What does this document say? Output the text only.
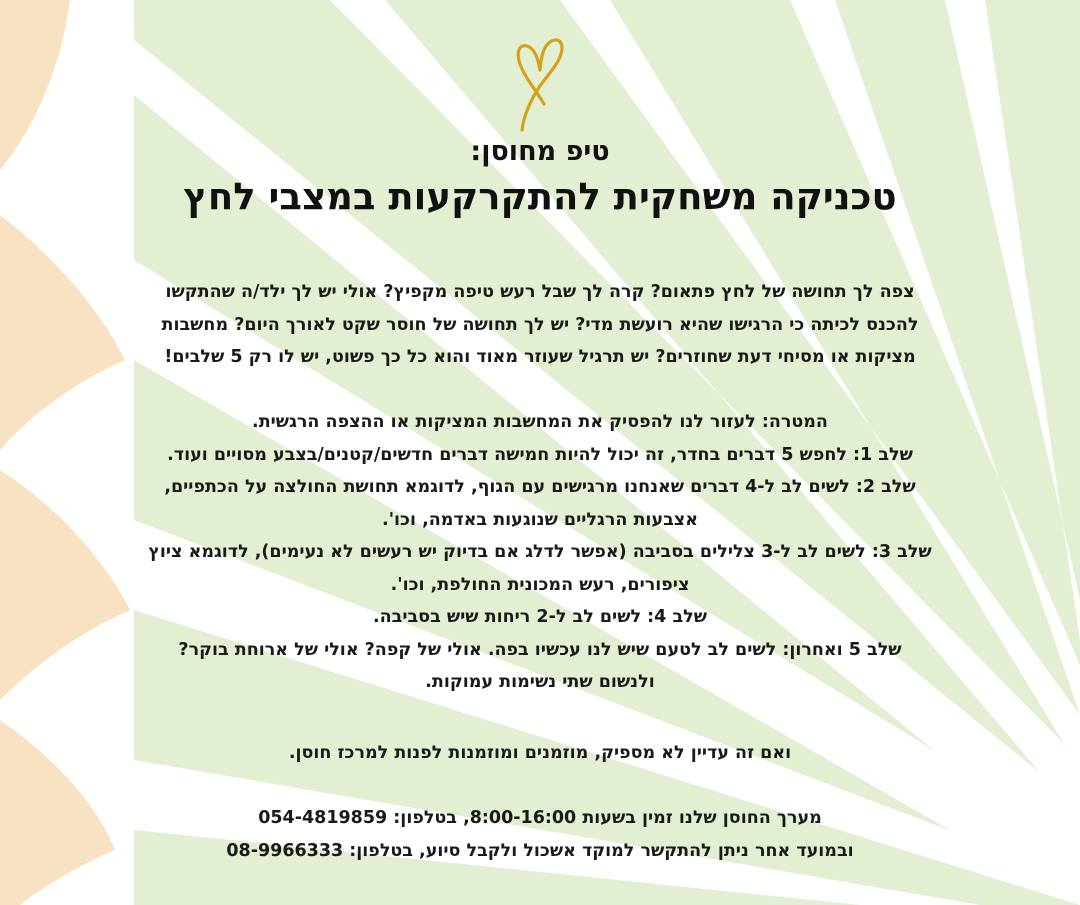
טיפ מחוסן:
טכניקה משחקית להתקרקעות במצבי לחץ
צפה לך תחושה של לחץ פתאום? קרה לך שבל רעש טיפה מקפיץ? אולי יש לך ילד/ה שהתקשו
להכנס לכיתה כי הרגישו שהיא רועשת מדי? יש לך תחושה של חוסר שקט לאורך היום? מחשבות
מציקות או מסיחי דעת שחוזרים? יש תרגיל שעוזר מאוד והוא כל כך פשוט, יש לו רק 5 שלבים!
המטרה: לעזור לנו להפסיק את המחשבות המציקות או ההצפה הרגשית.
שלב 1: לחפש 5 דברים בחדר, זה יכול להיות חמישה דברים חדשים/קטנים/בצבע מסויים ועוד.
שלב 2: לשים לב ל-4 דברים שאנחנו מרגישים עם הגוף, לדוגמא תחושת החולצה על הכתפיים,
אצבעות הרגליים שנוגעות באדמה, וכו'.
שלב 3: לשים לב ל-3 צלילים בסביבה (אפשר לדלג אם בדיוק יש רעשים לא נעימים), לדוגמא ציוץ
ציפורים, רעש המכונית החולפת, וכו'.
שלב 4: לשים לב ל-2 ריחות שיש בסביבה.
שלב 5 ואחרון: לשים לב לטעם שיש לנו עכשיו בפה. אולי של קפה? אולי של ארוחת בוקר?
ולנשום שתי נשימות עמוקות.
ואם זה עדיין לא מספיק, מוזמנים ומוזמנות לפנות למרכז חוסן.
מערך החוסן שלנו זמין בשעות 8:00-16:00, בטלפון: 054-4819859
ובמועד אחר ניתן להתקשר למוקד אשכול ולקבל סיוע, בטלפון: 08-9966333
